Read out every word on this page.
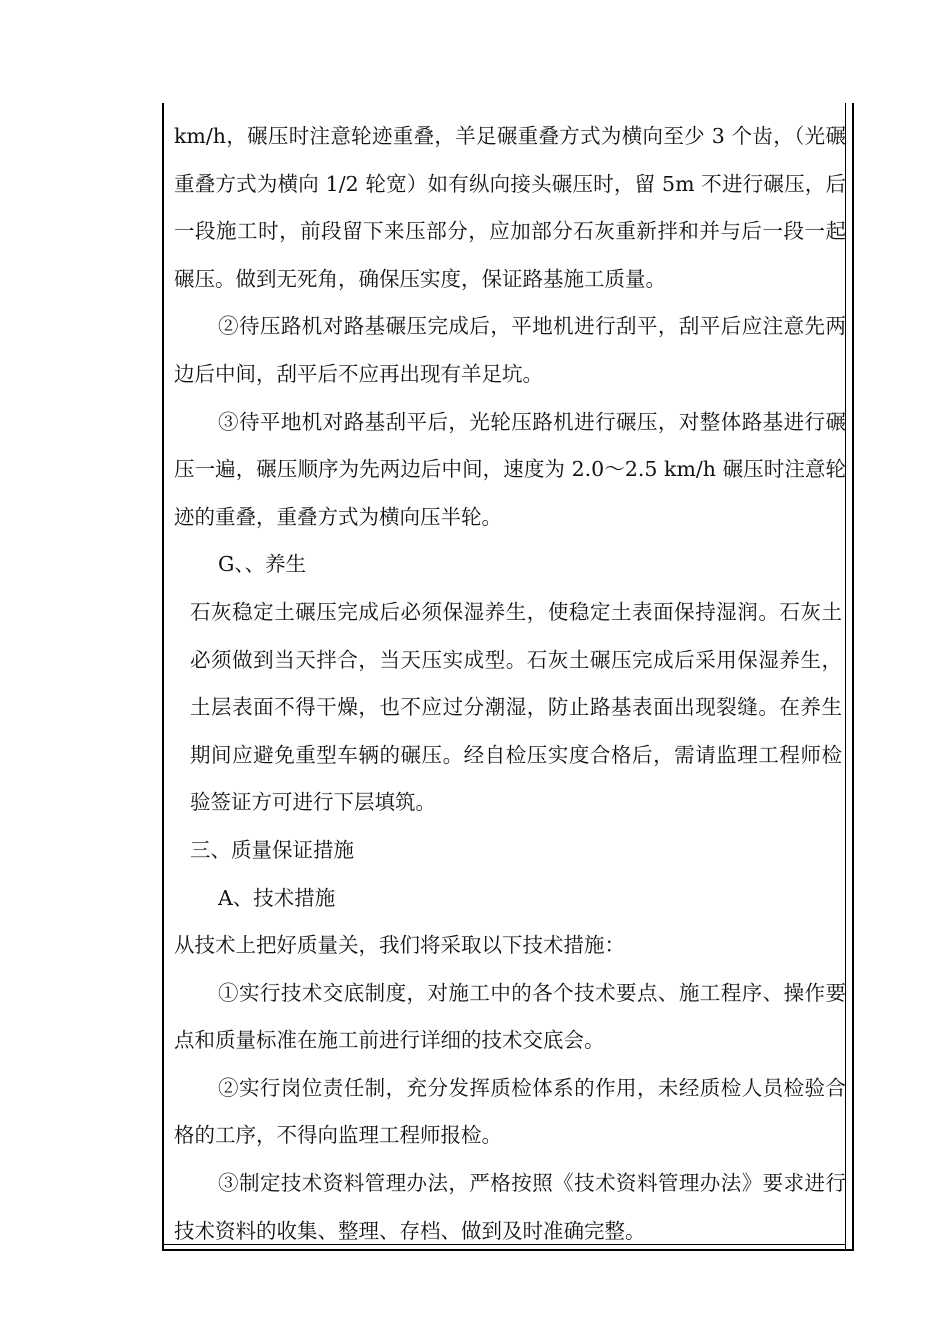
km/h，碾压时注意轮迹重叠，羊足碾重叠方式为横向至少 3 个齿，（光碾重叠方式为横向 1/2 轮宽）如有纵向接头碾压时，留 5m 不进行碾压，后一段施工时，前段留下来压部分，应加部分石灰重新拌和并与后一段一起碾压。做到无死角，确保压实度，保证路基施工质量。

②待压路机对路基碾压完成后，平地机进行刮平，刮平后应注意先两边后中间，刮平后不应再出现有羊足坑。

③待平地机对路基刮平后，光轮压路机进行碾压，对整体路基进行碾压一遍，碾压顺序为先两边后中间，速度为 2.0～2.5 km/h 碾压时注意轮迹的重叠，重叠方式为横向压半轮。

G、、养生

石灰稳定土碾压完成后必须保湿养生，使稳定土表面保持湿润。石灰土必须做到当天拌合，当天压实成型。石灰土碾压完成后采用保湿养生，土层表面不得干燥，也不应过分潮湿，防止路基表面出现裂缝。在养生期间应避免重型车辆的碾压。经自检压实度合格后，需请监理工程师检验签证方可进行下层填筑。

三、质量保证措施

A、技术措施

从技术上把好质量关，我们将采取以下技术措施：

①实行技术交底制度，对施工中的各个技术要点、施工程序、操作要点和质量标准在施工前进行详细的技术交底会。

②实行岗位责任制，充分发挥质检体系的作用，未经质检人员检验合格的工序，不得向监理工程师报检。

③制定技术资料管理办法，严格按照《技术资料管理办法》要求进行技术资料的收集、整理、存档、做到及时准确完整。
